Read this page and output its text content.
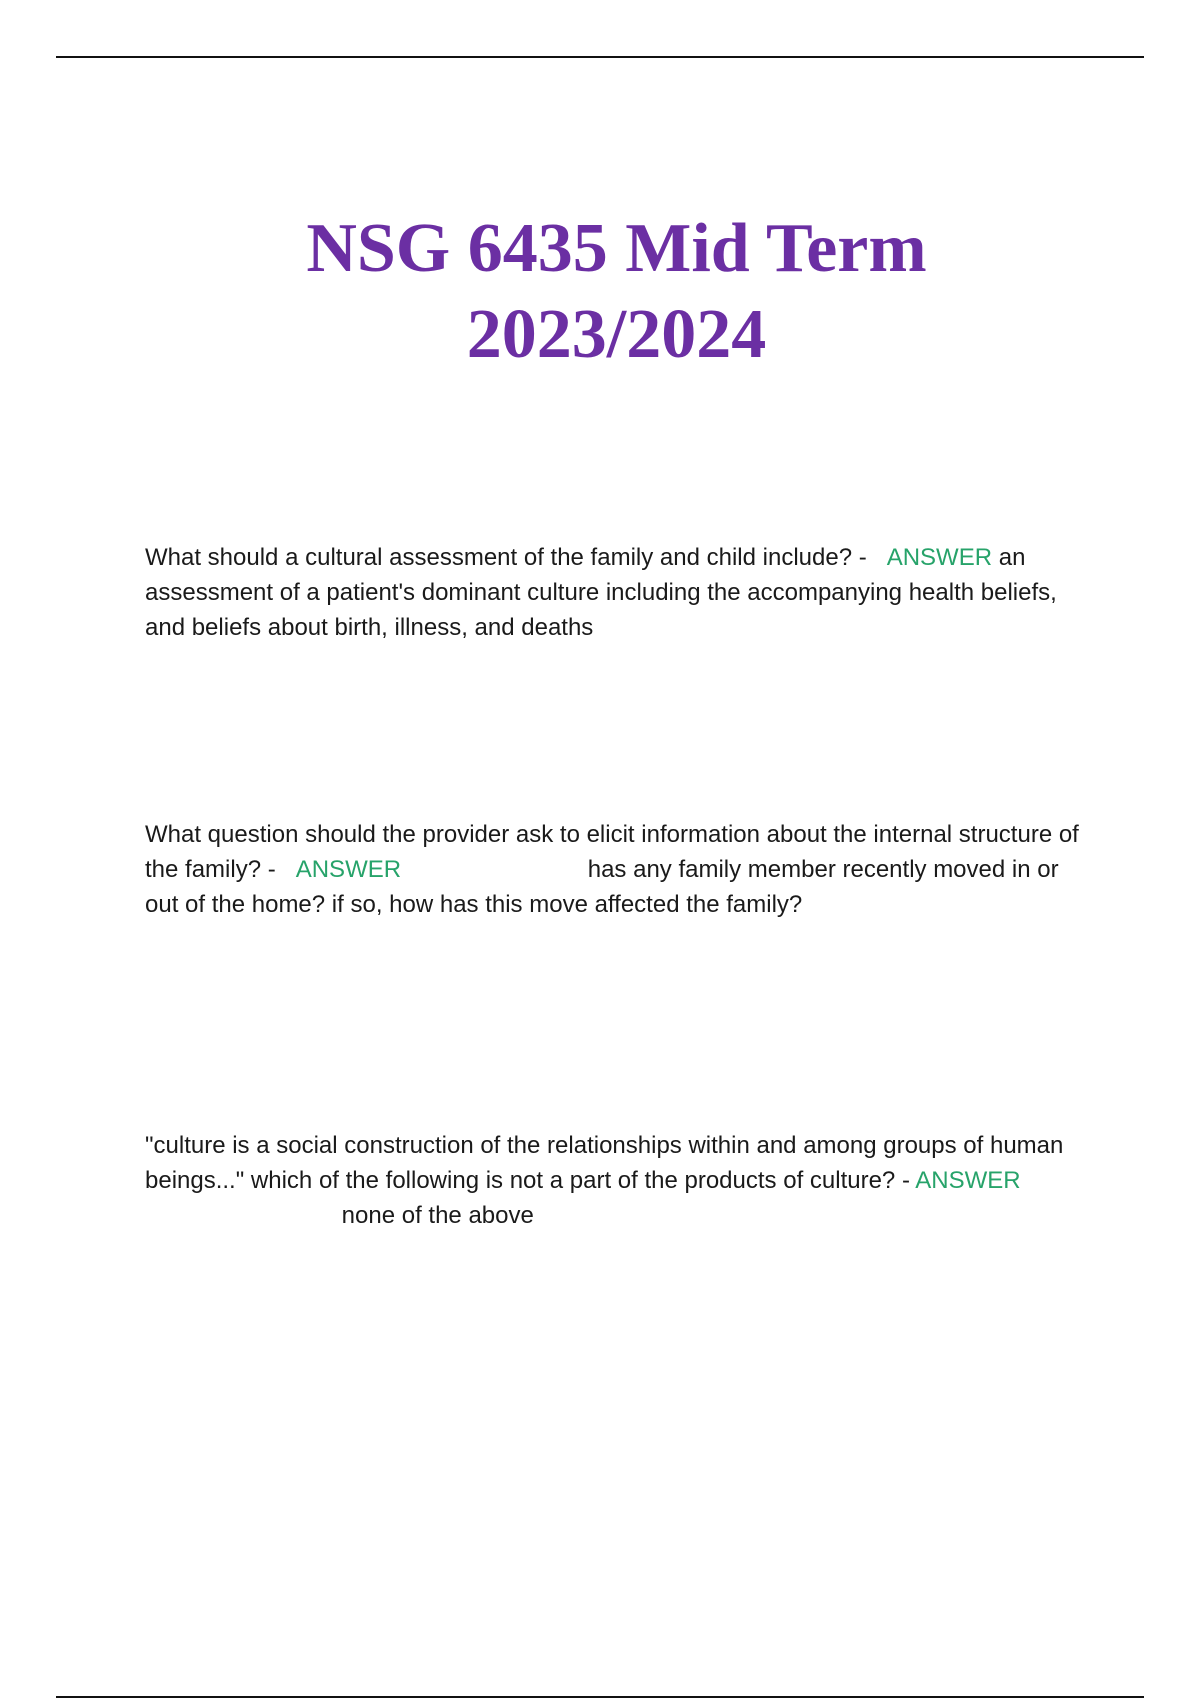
NSG 6435 Mid Term
2023/2024

What should a cultural assessment of the family and child include? - ANSWER an assessment of a patient's dominant culture including the accompanying health beliefs, and beliefs about birth, illness, and deaths

What question should the provider ask to elicit information about the internal structure of the family? - ANSWER	has any family member recently moved in or out of the home? if so, how has this move affected the family?

"culture is a social construction of the relationships within and among groups of human beings..." which of the following is not a part of the products of culture? - ANSWER none of the above
